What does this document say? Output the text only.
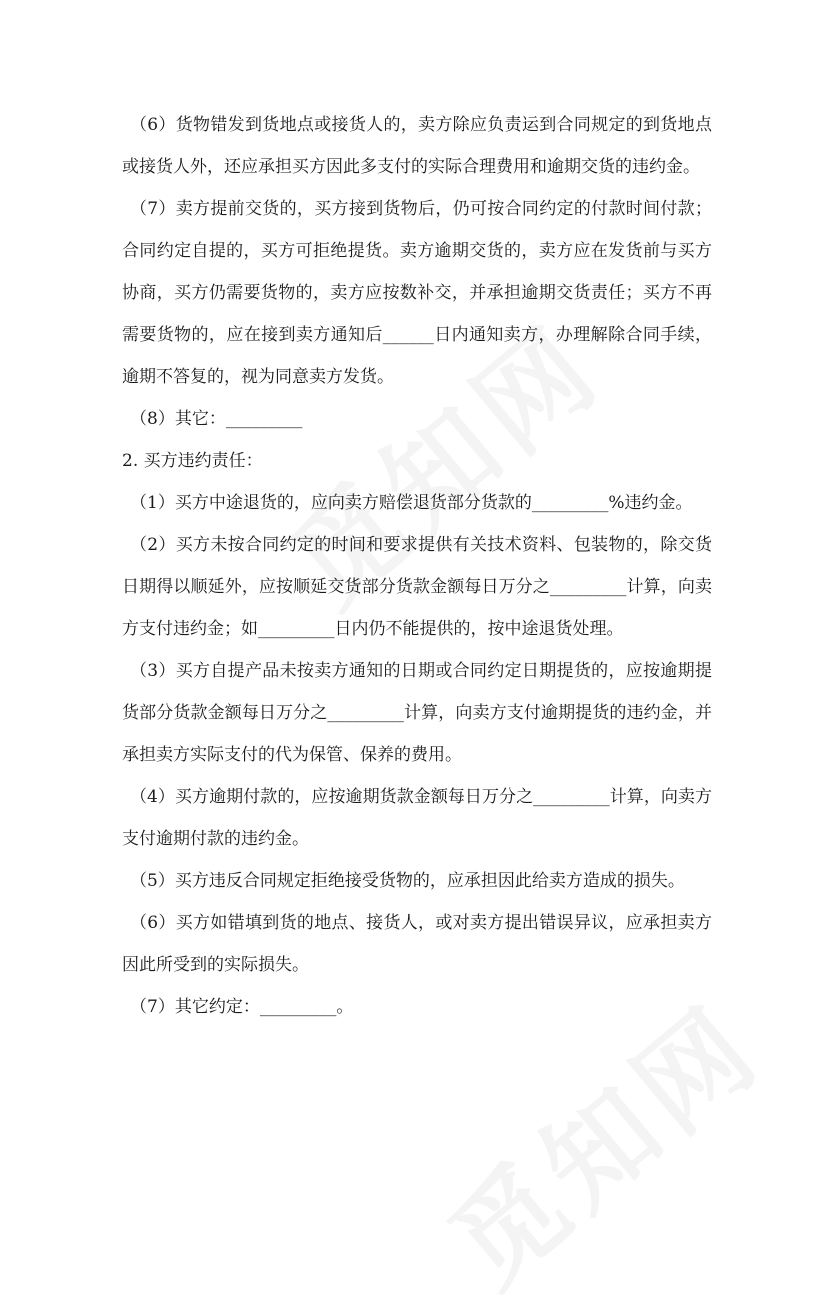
（6）货物错发到货地点或接货人的，卖方除应负责运到合同规定的到货地点或接货人外，还应承担买方因此多支付的实际合理费用和逾期交货的违约金。

（7）卖方提前交货的，买方接到货物后，仍可按合同约定的付款时间付款；合同约定自提的，买方可拒绝提货。卖方逾期交货的，卖方应在发货前与买方协商，买方仍需要货物的，卖方应按数补交，并承担逾期交货责任；买方不再需要货物的，应在接到卖方通知后______日内通知卖方，办理解除合同手续，逾期不答复的，视为同意卖方发货。

（8）其它：_________

2. 买方违约责任：

（1）买方中途退货的，应向卖方赔偿退货部分货款的_________%违约金。

（2）买方未按合同约定的时间和要求提供有关技术资料、包装物的，除交货日期得以顺延外，应按顺延交货部分货款金额每日万分之_________计算，向卖方支付违约金；如_________日内仍不能提供的，按中途退货处理。

（3）买方自提产品未按卖方通知的日期或合同约定日期提货的，应按逾期提货部分货款金额每日万分之_________计算，向卖方支付逾期提货的违约金，并承担卖方实际支付的代为保管、保养的费用。

（4）买方逾期付款的，应按逾期货款金额每日万分之_________计算，向卖方支付逾期付款的违约金。

（5）买方违反合同规定拒绝接受货物的，应承担因此给卖方造成的损失。

（6）买方如错填到货的地点、接货人，或对卖方提出错误异议，应承担卖方因此所受到的实际损失。

（7）其它约定：_________。
